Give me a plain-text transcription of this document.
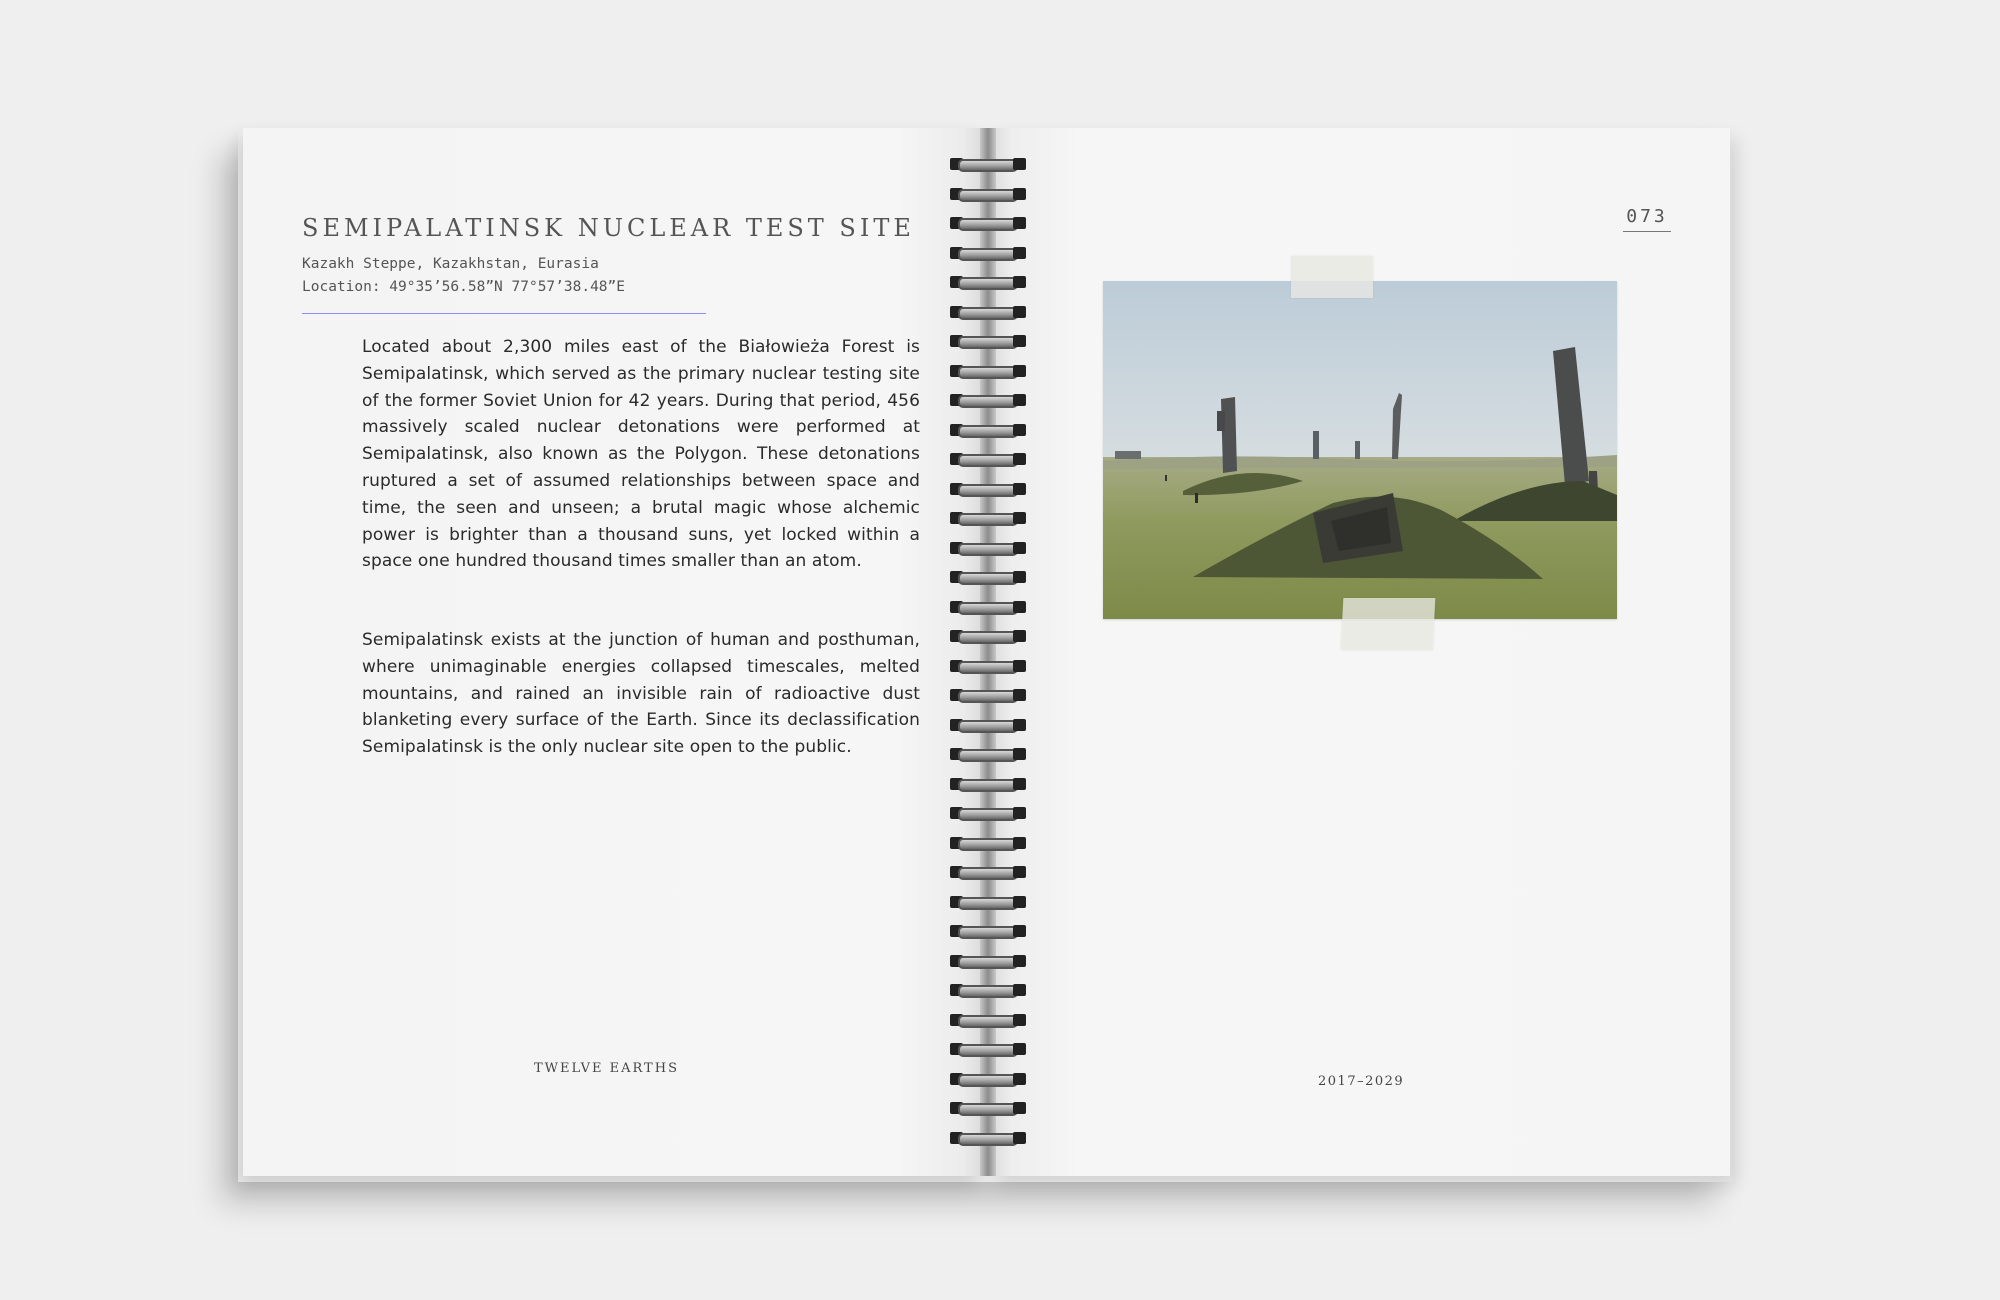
SEMIPALATINSK NUCLEAR TEST SITE
Kazakh Steppe, Kazakhstan, Eurasia
Location: 49°35’56.58”N 77°57’38.48”E
Located about 2,300 miles east of the Białowieża Forest is Semipalatinsk, which served as the primary nuclear testing site of the former Soviet Union for 42 years. During that period, 456 massively scaled nuclear detonations were performed at Semipalatinsk, also known as the Polygon. These detonations ruptured a set of assumed relationships between space and time, the seen and unseen; a brutal magic whose alchemic power is brighter than a thousand suns, yet locked within a space one hundred thousand times smaller than an atom.
Semipalatinsk exists at the junction of human and posthuman, where unimaginable energies collapsed timescales, melted mountains, and rained an invisible rain of radioactive dust blanketing every surface of the Earth. Since its declassification Semipalatinsk is the only nuclear site open to the public.
TWELVE EARTHS
073
2017–2029
